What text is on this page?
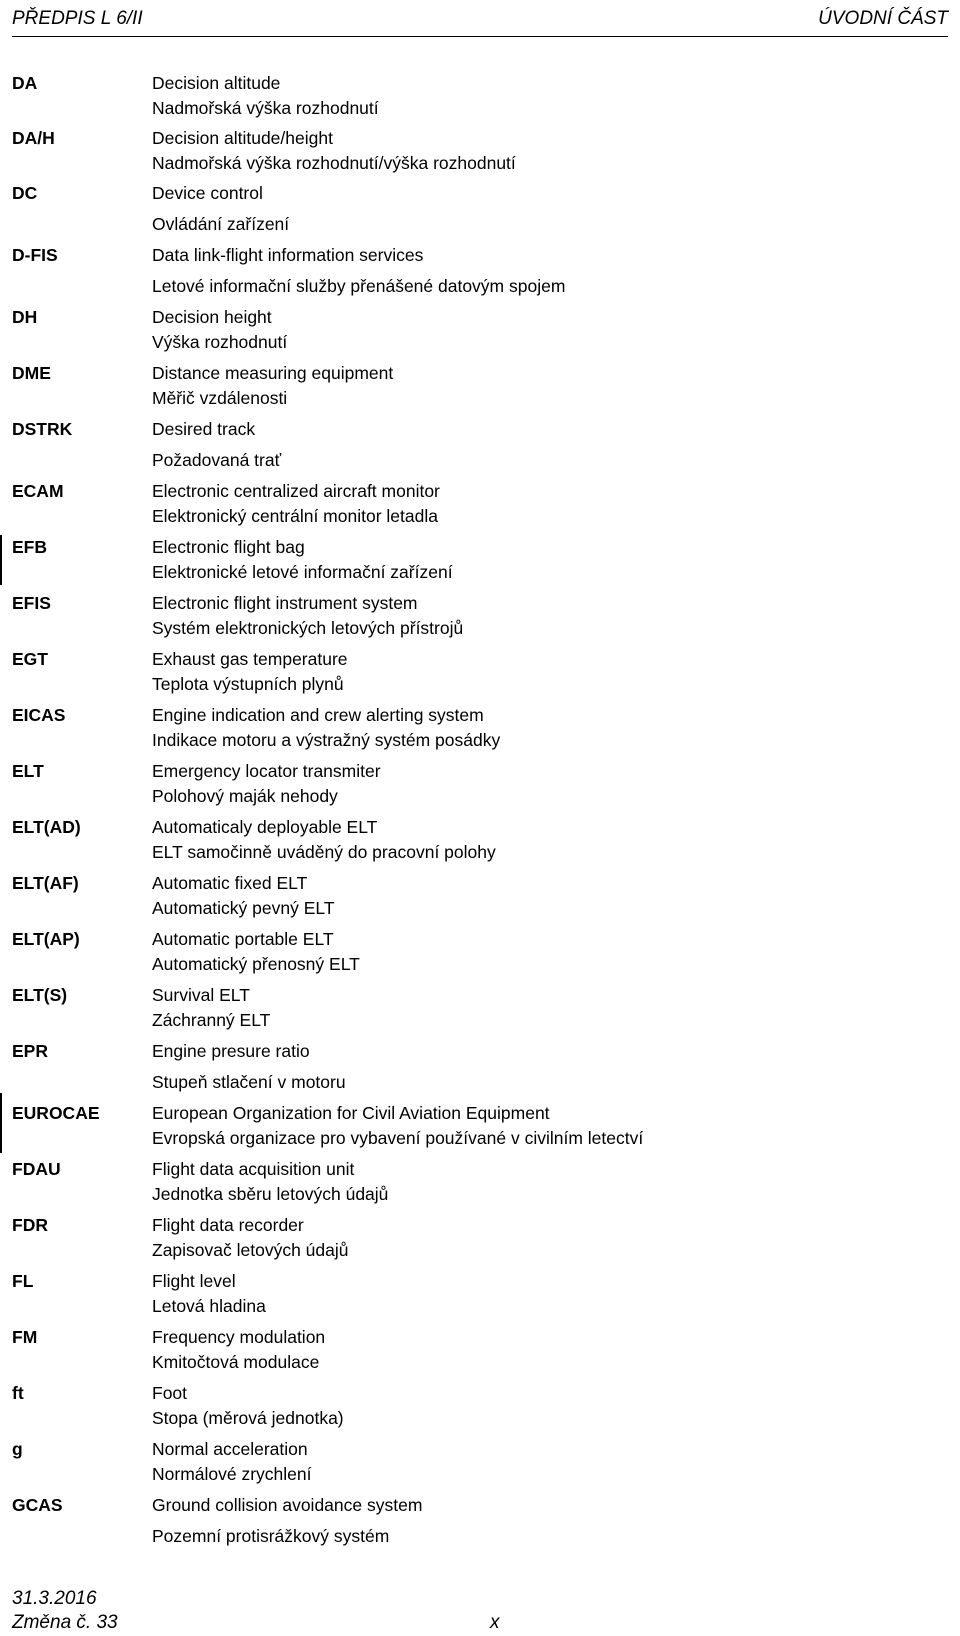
PŘEDPIS L 6/II	ÚVODNÍ ČÁST
DA	Decision altitude
Nadmořská výška rozhodnutí
DA/H	Decision altitude/height
Nadmořská výška rozhodnutí/výška rozhodnutí
DC	Device control
Ovládání zařízení
D-FIS	Data link-flight information services
Letové informační služby přenášené datovým spojem
DH	Decision height
Výška rozhodnutí
DME	Distance measuring equipment
Měřič vzdálenosti
DSTRK	Desired track
Požadovaná trať
ECAM	Electronic centralized aircraft monitor
Elektronický centrální monitor letadla
EFB	Electronic flight bag
Elektronické letové informační zařízení
EFIS	Electronic flight instrument system
Systém elektronických letových přístrojů
EGT	Exhaust gas temperature
Teplota výstupních plynů
EICAS	Engine indication and crew alerting system
Indikace motoru a výstražný systém posádky
ELT	Emergency locator transmiter
Polohový maják nehody
ELT(AD)	Automaticaly deployable ELT
ELT samočinně uváděný do pracovní polohy
ELT(AF)	Automatic fixed ELT
Automatický pevný ELT
ELT(AP)	Automatic portable ELT
Automatický přenosný ELT
ELT(S)	Survival ELT
Záchranný ELT
EPR	Engine presure ratio
Stupeň stlačení v motoru
EUROCAE	European Organization for Civil Aviation Equipment
Evropská organizace pro vybavení používané v civilním letectví
FDAU	Flight data acquisition unit
Jednotka sběru letových údajů
FDR	Flight data recorder
Zapisovač letových údajů
FL	Flight level
Letová hladina
FM	Frequency modulation
Kmitočtová modulace
ft	Foot
Stopa (měrová jednotka)
g	Normal acceleration
Normálové zrychlení
GCAS	Ground collision avoidance system
Pozemní protisrážkový systém
31.3.2016
Změna č. 33	x
